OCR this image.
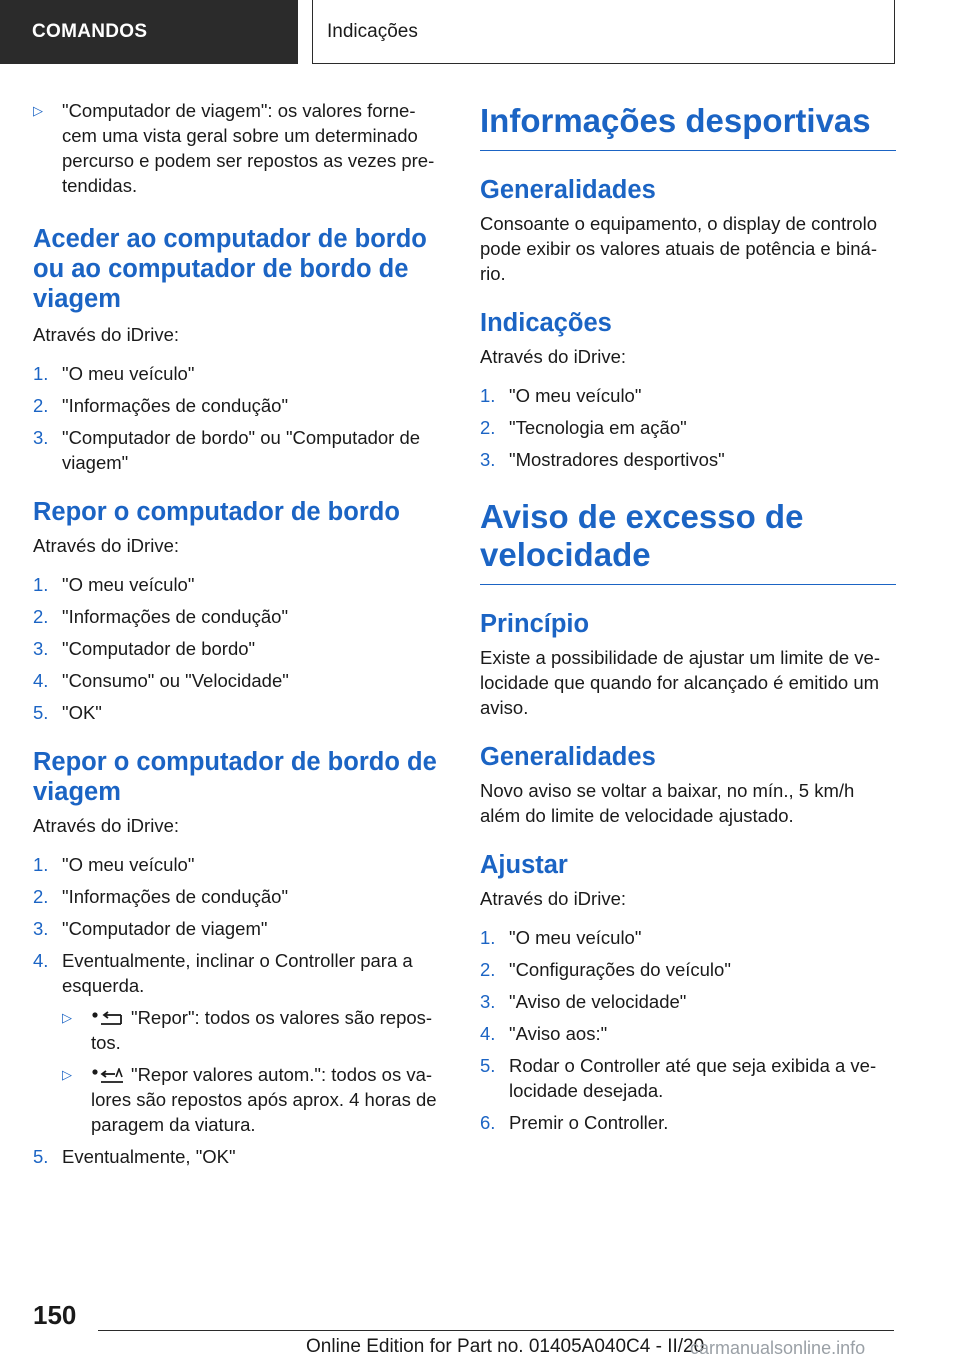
COMANDOS	Indicações
▷	"Computador de viagem": os valores forne-cem uma vista geral sobre um determinado percurso e podem ser repostos as vezes pre-tendidas.
Aceder ao computador de bordo ou ao computador de bordo de viagem

Através do iDrive:

1. "O meu veículo"
2. "Informações de condução"
3. "Computador de bordo" ou "Computador de viagem"
Repor o computador de bordo

Através do iDrive:

1. "O meu veículo"
2. "Informações de condução"
3. "Computador de bordo"
4. "Consumo" ou "Velocidade"
5. "OK"
Repor o computador de bordo de viagem

Através do iDrive:

1. "O meu veículo"
2. "Informações de condução"
3. "Computador de viagem"
4. Eventualmente, inclinar o Controller para a esquerda.
▷	"Repor": todos os valores são repos-tos.
▷	"Repor valores autom.": todos os va-lores são repostos após aprox. 4 horas de paragem da viatura.
5. Eventualmente, "OK"
Informações desportivas
Generalidades

Consoante o equipamento, o display de controlo pode exibir os valores atuais de potência e biná-rio.

Indicações

Através do iDrive:

1. "O meu veículo"
2. "Tecnologia em ação"
3. "Mostradores desportivos"
Aviso de excesso de velocidade
Princípio

Existe a possibilidade de ajustar um limite de ve-locidade que quando for alcançado é emitido um aviso.

Generalidades

Novo aviso se voltar a baixar, no mín., 5 km/h além do limite de velocidade ajustado.

Ajustar

Através do iDrive:

1. "O meu veículo"
2. "Configurações do veículo"
3. "Aviso de velocidade"
4. "Aviso aos:"
5. Rodar o Controller até que seja exibida a ve-locidade desejada.
6. Premir o Controller.
150
Online Edition for Part no. 01405A040C4 - II/20
carmanualsonline.info
